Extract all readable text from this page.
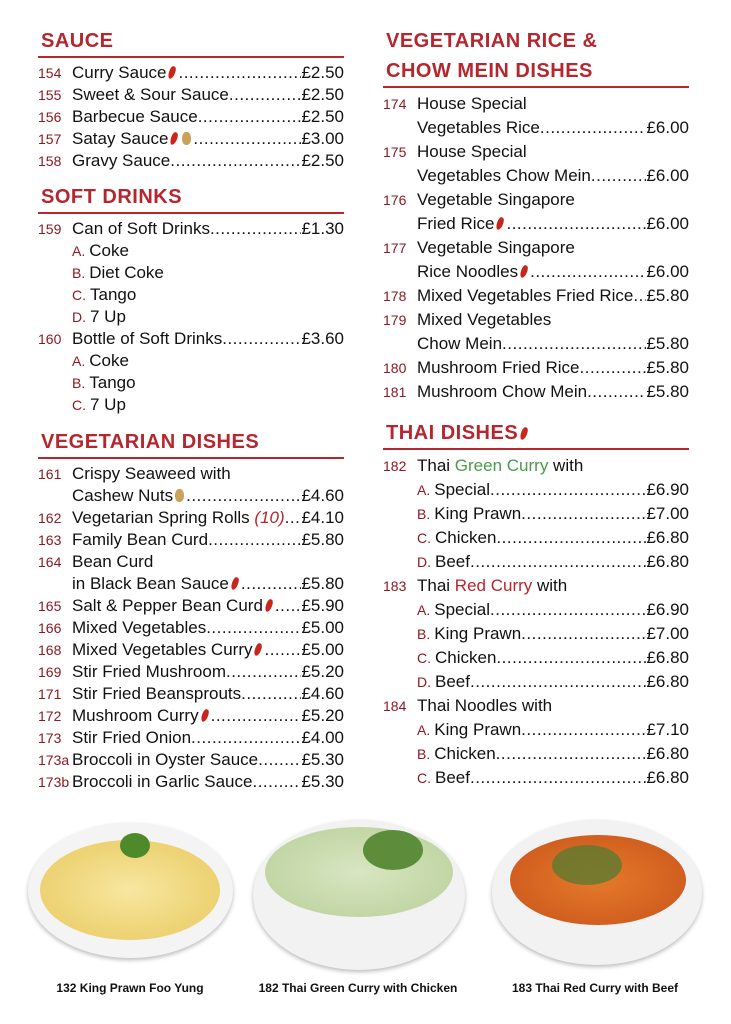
SAUCE
154 Curry Sauce .....	£2.50
155 Sweet & Sour Sauce .....	£2.50
156 Barbecue Sauce .....	£2.50
157 Satay Sauce .....	£3.00
158 Gravy Sauce .....	£2.50
SOFT DRINKS
159 Can of Soft Drinks .....	£1.30
A. Coke
B. Diet Coke
C. Tango
D. 7 Up
160 Bottle of Soft Drinks .....	£3.60
A. Coke
B. Tango
C. 7 Up
VEGETARIAN DISHES
161 Crispy Seaweed with
Cashew Nuts .....	£4.60
162 Vegetarian Spring Rolls (10) ..... £4.10
163 Family Bean Curd .....	£5.80
164 Bean Curd
in Black Bean Sauce .....	£5.80
165 Salt & Pepper Bean Curd .....	£5.90
166 Mixed Vegetables .....	£5.00
168 Mixed Vegetables Curry .....	£5.00
169 Stir Fried Mushroom .....	£5.20
171 Stir Fried Beansprouts .....	£4.60
172 Mushroom Curry .....	£5.20
173 Stir Fried Onion .....	£4.00
173a Broccoli in Oyster Sauce .....	£5.30
173b Broccoli in Garlic Sauce .....	£5.30
VEGETARIAN RICE &
CHOW MEIN DISHES
174 House Special
Vegetables Rice .....	£6.00
175 House Special
Vegetables Chow Mein .....	£6.00
176 Vegetable Singapore
Fried Rice .....	£6.00
177 Vegetable Singapore
Rice Noodles .....	£6.00
178 Mixed Vegetables Fried Rice ..... £5.80
179 Mixed Vegetables
Chow Mein .....	£5.80
180 Mushroom Fried Rice .....	£5.80
181 Mushroom Chow Mein .....	£5.80
THAI DISHES
182 Thai Green Curry with
A. Special .....	£6.90
B. King Prawn .....	£7.00
C. Chicken .....	£6.80
D. Beef .....	£6.80
183 Thai Red Curry with
A. Special .....	£6.90
B. King Prawn .....	£7.00
C. Chicken .....	£6.80
D. Beef .....	£6.80
184 Thai Noodles with
A. King Prawn .....	£7.10
B. Chicken .....	£6.80
C. Beef .....	£6.80
132 King Prawn Foo Yung	182 Thai Green Curry with Chicken	183 Thai Red Curry with Beef
